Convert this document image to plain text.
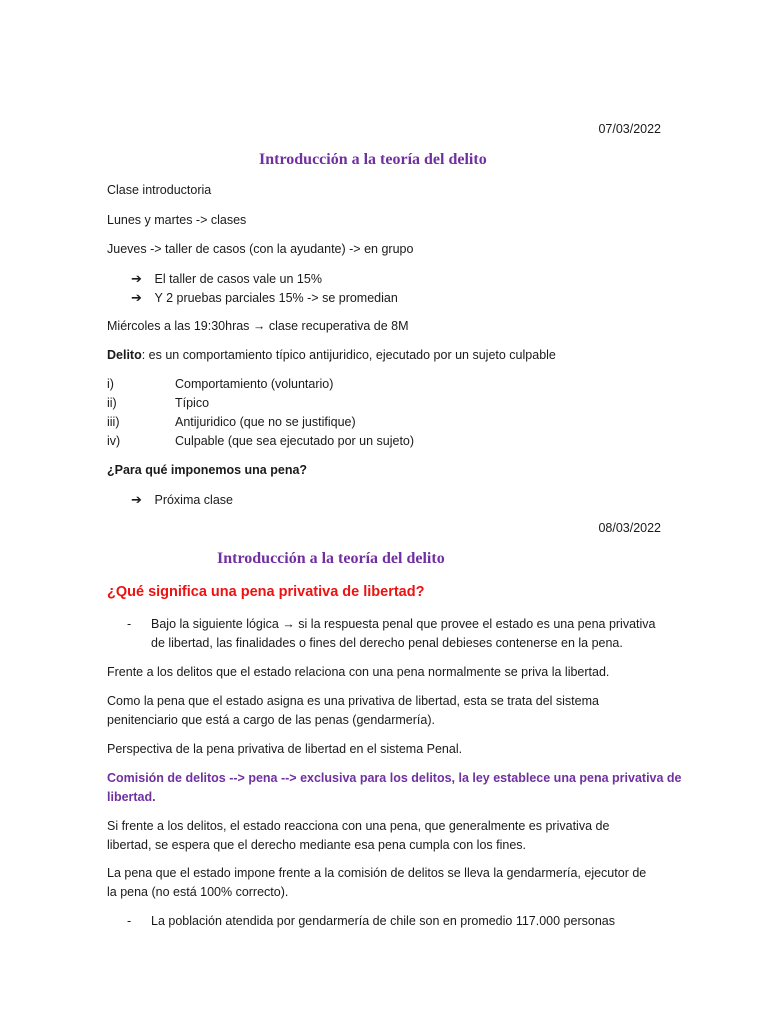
07/03/2022
Introducción a la teoría del delito
Clase introductoria
Lunes y martes -> clases
Jueves -> taller de casos (con la ayudante) -> en grupo
➔ El taller de casos vale un 15%
➔ Y 2 pruebas parciales 15% -> se promedian
Miércoles a las 19:30hras → clase recuperativa de 8M
Delito: es un comportamiento típico antijuridico, ejecutado por un sujeto culpable
i)	Comportamiento (voluntario)
ii)	Típico
iii)	Antijuridico (que no se justifique)
iv)	Culpable (que sea ejecutado por un sujeto)
¿Para qué imponemos una pena?
➔ Próxima clase
08/03/2022
Introducción a la teoría del delito
¿Qué significa una pena privativa de libertad?
- Bajo la siguiente lógica → si la respuesta penal que provee el estado es una pena privativa
de libertad, las finalidades o fines del derecho penal debieses contenerse en la pena.
Frente a los delitos que el estado relaciona con una pena normalmente se priva la libertad.
Como la pena que el estado asigna es una privativa de libertad, esta se trata del sistema
penitenciario que está a cargo de las penas (gendarmería).
Perspectiva de la pena privativa de libertad en el sistema Penal.
Comisión de delitos --> pena --> exclusiva para los delitos, la ley establece una pena privativa de
libertad.
Si frente a los delitos, el estado reacciona con una pena, que generalmente es privativa de
libertad, se espera que el derecho mediante esa pena cumpla con los fines.
La pena que el estado impone frente a la comisión de delitos se lleva la gendarmería, ejecutor de
la pena (no está 100% correcto).
- La población atendida por gendarmería de chile son en promedio 117.000 personas
